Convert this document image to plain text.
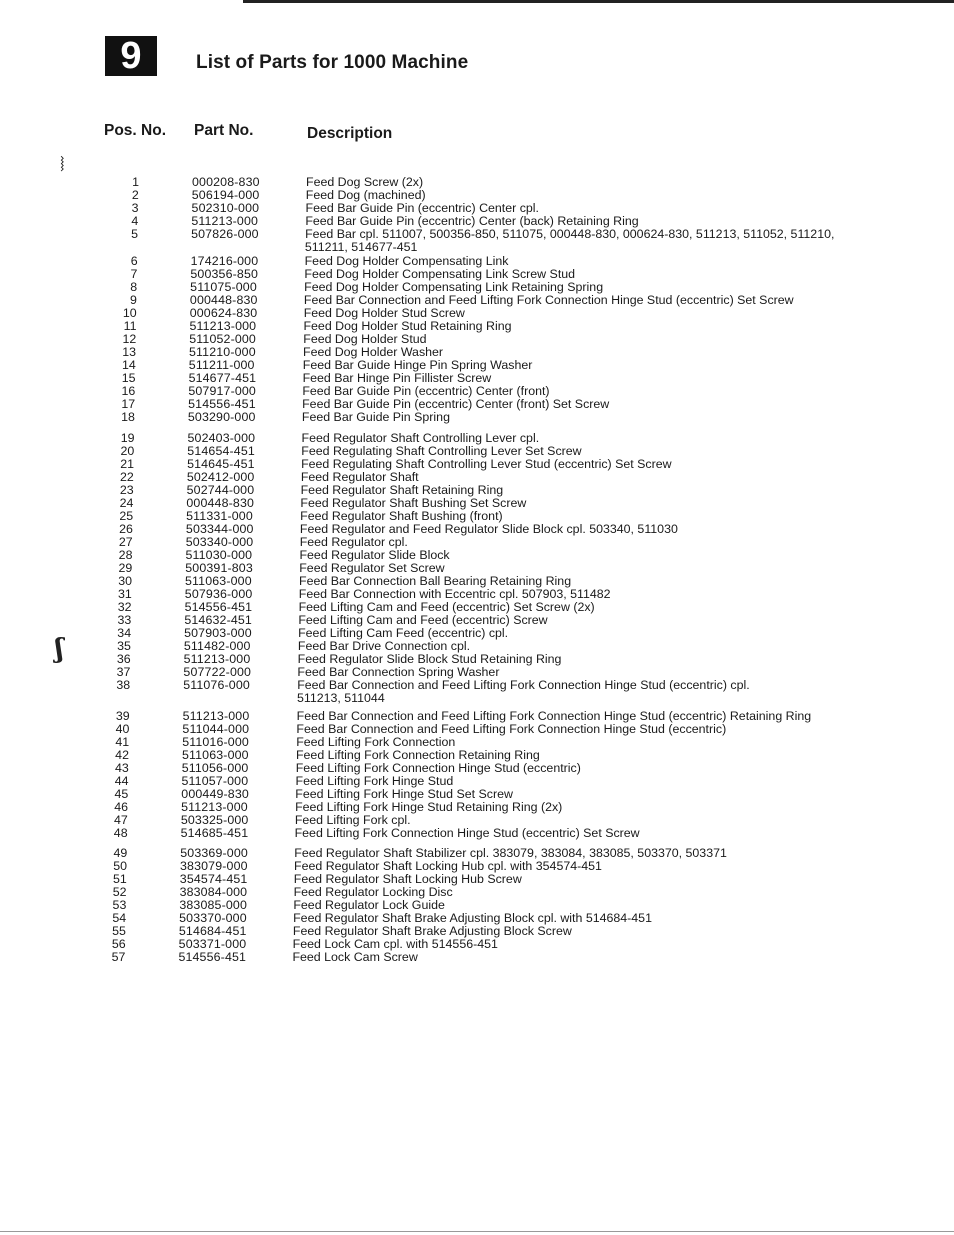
9	List of Parts for 1000 Machine
Pos. No. Part No.	Description
⧘
ʃ
1	000208-830	Feed Dog Screw (2x)
2	506194-000	Feed Dog (machined)
3	502310-000	Feed Bar Guide Pin (eccentric) Center cpl.
4	511213-000	Feed Bar Guide Pin (eccentric) Center (back) Retaining Ring
5	507826-000	Feed Bar cpl. 511007, 500356-850, 511075, 000448-830, 000624-830, 511213, 511052, 511210,
511211, 514677-451
6	174216-000	Feed Dog Holder Compensating Link
7	500356-850	Feed Dog Holder Compensating Link Screw Stud
8	511075-000	Feed Dog Holder Compensating Link Retaining Spring
9	000448-830	Feed Bar Connection and Feed Lifting Fork Connection Hinge Stud (eccentric) Set Screw
10	000624-830	Feed Dog Holder Stud Screw
11	511213-000	Feed Dog Holder Stud Retaining Ring
12	511052-000	Feed Dog Holder Stud
13	511210-000	Feed Dog Holder Washer
14	511211-000	Feed Bar Guide Hinge Pin Spring Washer
15	514677-451	Feed Bar Hinge Pin Fillister Screw
16	507917-000	Feed Bar Guide Pin (eccentric) Center (front)
17	514556-451	Feed Bar Guide Pin (eccentric) Center (front) Set Screw
18	503290-000	Feed Bar Guide Pin Spring
19	502403-000	Feed Regulator Shaft Controlling Lever cpl.
20	514654-451	Feed Regulating Shaft Controlling Lever Set Screw
21	514645-451	Feed Regulating Shaft Controlling Lever Stud (eccentric) Set Screw
22	502412-000	Feed Regulator Shaft
23	502744-000	Feed Regulator Shaft Retaining Ring
24	000448-830	Feed Regulator Shaft Bushing Set Screw
25	511331-000	Feed Regulator Shaft Bushing (front)
26	503344-000	Feed Regulator and Feed Regulator Slide Block cpl. 503340, 511030
27	503340-000	Feed Regulator cpl.
28	511030-000	Feed Regulator Slide Block
29	500391-803	Feed Regulator Set Screw
30	511063-000	Feed Bar Connection Ball Bearing Retaining Ring
31	507936-000	Feed Bar Connection with Eccentric cpl. 507903, 511482
32	514556-451	Feed Lifting Cam and Feed (eccentric) Set Screw (2x)
33	514632-451	Feed Lifting Cam and Feed (eccentric) Screw
34	507903-000	Feed Lifting Cam Feed (eccentric) cpl.
35	511482-000	Feed Bar Drive Connection cpl.
36	511213-000	Feed Regulator Slide Block Stud Retaining Ring
37	507722-000	Feed Bar Connection Spring Washer
38	511076-000	Feed Bar Connection and Feed Lifting Fork Connection Hinge Stud (eccentric) cpl.
511213, 511044
39	511213-000	Feed Bar Connection and Feed Lifting Fork Connection Hinge Stud (eccentric) Retaining Ring
40	511044-000	Feed Bar Connection and Feed Lifting Fork Connection Hinge Stud (eccentric)
41	511016-000	Feed Lifting Fork Connection
42	511063-000	Feed Lifting Fork Connection Retaining Ring
43	511056-000	Feed Lifting Fork Connection Hinge Stud (eccentric)
44	511057-000	Feed Lifting Fork Hinge Stud
45	000449-830	Feed Lifting Fork Hinge Stud Set Screw
46	511213-000	Feed Lifting Fork Hinge Stud Retaining Ring (2x)
47	503325-000	Feed Lifting Fork cpl.
48	514685-451	Feed Lifting Fork Connection Hinge Stud (eccentric) Set Screw
49	503369-000	Feed Regulator Shaft Stabilizer cpl. 383079, 383084, 383085, 503370, 503371
50	383079-000	Feed Regulator Shaft Locking Hub cpl. with 354574-451
51	354574-451	Feed Regulator Shaft Locking Hub Screw
52	383084-000	Feed Regulator Locking Disc
53	383085-000	Feed Regulator Lock Guide
54	503370-000	Feed Regulator Shaft Brake Adjusting Block cpl. with 514684-451
55	514684-451	Feed Regulator Shaft Brake Adjusting Block Screw
56	503371-000	Feed Lock Cam cpl. with 514556-451
57	514556-451	Feed Lock Cam Screw
